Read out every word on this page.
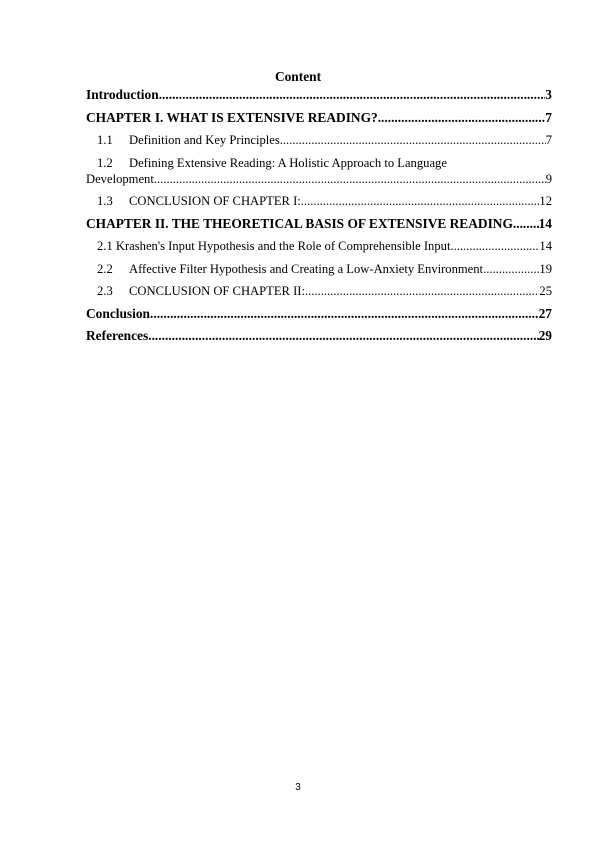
Content
Introduction .....	3
CHAPTER I. WHAT IS EXTENSIVE READING? .....	7
1.1 Definition and Key Principles .....	7
1.2 Defining Extensive Reading: A Holistic Approach to Language
Development .....	9
1.3 CONCLUSION OF CHAPTER I: .....	12
CHAPTER II. THE THEORETICAL BASIS OF EXTENSIVE READING. ..... 14
2.1 Krashen's Input Hypothesis and the Role of Comprehensible Input .....	14
2.2 Affective Filter Hypothesis and Creating a Low-Anxiety Environment .....	19
2.3 CONCLUSION OF CHAPTER II: .....	25
Conclusion .....	27
References .....	29
3
